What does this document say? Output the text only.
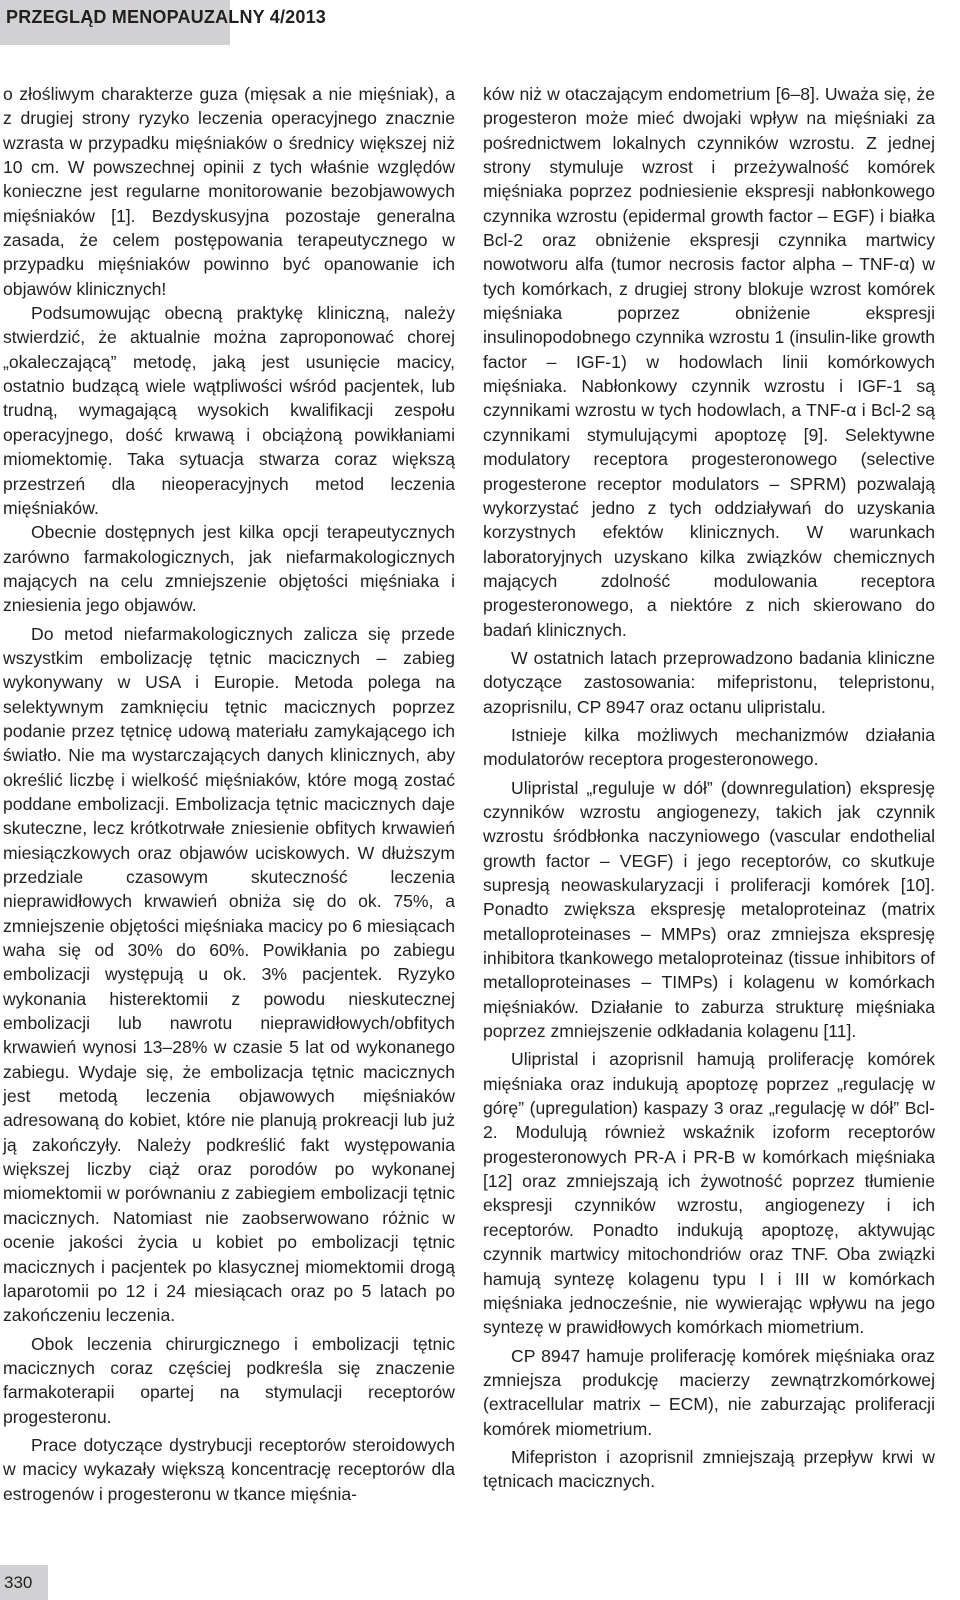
PRZEGLĄD MENOPAUZALNY 4/2013

o złośliwym charakterze guza (mięsak a nie mięśniak), a z drugiej strony ryzyko leczenia operacyjnego znacznie wzrasta w przypadku mięśniaków o średnicy większej niż 10 cm. W powszechnej opinii z tych właśnie względów konieczne jest regularne monitorowanie bezobjawowych mięśniaków [1]. Bezdyskusyjna pozostaje generalna zasada, że celem postępowania terapeutycznego w przypadku mięśniaków powinno być opanowanie ich objawów klinicznych!

Podsumowując obecną praktykę kliniczną, należy stwierdzić, że aktualnie można zaproponować chorej „okaleczającą” metodę, jaką jest usunięcie macicy, ostatnio budzącą wiele wątpliwości wśród pacjentek, lub trudną, wymagającą wysokich kwalifikacji zespołu operacyjnego, dość krwawą i obciążoną powikłaniami miomektomię. Taka sytuacja stwarza coraz większą przestrzeń dla nieoperacyjnych metod leczenia mięśniaków.

Obecnie dostępnych jest kilka opcji terapeutycznych zarówno farmakologicznych, jak niefarmakologicznych mających na celu zmniejszenie objętości mięśniaka i zniesienia jego objawów.

Do metod niefarmakologicznych zalicza się przede wszystkim embolizację tętnic macicznych – zabieg wykonywany w USA i Europie. Metoda polega na selektywnym zamknięciu tętnic macicznych poprzez podanie przez tętnicę udową materiału zamykającego ich światło. Nie ma wystarczających danych klinicznych, aby określić liczbę i wielkość mięśniaków, które mogą zostać poddane embolizacji. Embolizacja tętnic macicznych daje skuteczne, lecz krótkotrwałe zniesienie obfitych krwawień miesiączkowych oraz objawów uciskowych. W dłuższym przedziale czasowym skuteczność leczenia nieprawidłowych krwawień obniża się do ok. 75%, a zmniejszenie objętości mięśniaka macicy po 6 miesiącach waha się od 30% do 60%. Powikłania po zabiegu embolizacji występują u ok. 3% pacjentek. Ryzyko wykonania histerektomii z powodu nieskutecznej embolizacji lub nawrotu nieprawidłowych/obfitych krwawień wynosi 13–28% w czasie 5 lat od wykonanego zabiegu. Wydaje się, że embolizacja tętnic macicznych jest metodą leczenia objawowych mięśniaków adresowaną do kobiet, które nie planują prokreacji lub już ją zakończyły. Należy podkreślić fakt występowania większej liczby ciąż oraz porodów po wykonanej miomektomii w porównaniu z zabiegiem embolizacji tętnic macicznych. Natomiast nie zaobserwowano różnic w ocenie jakości życia u kobiet po embolizacji tętnic macicznych i pacjentek po klasycznej miomektomii drogą laparotomii po 12 i 24 miesiącach oraz po 5 latach po zakończeniu leczenia.

Obok leczenia chirurgicznego i embolizacji tętnic macicznych coraz częściej podkreśla się znaczenie farmakoterapii opartej na stymulacji receptorów progesteronu.

Prace dotyczące dystrybucji receptorów steroidowych w macicy wykazały większą koncentrację receptorów dla estrogenów i progesteronu w tkance mięśnia-

ków niż w otaczającym endometrium [6–8]. Uważa się, że progesteron może mieć dwojaki wpływ na mięśniaki za pośrednictwem lokalnych czynników wzrostu. Z jednej strony stymuluje wzrost i przeżywalność komórek mięśniaka poprzez podniesienie ekspresji nabłonkowego czynnika wzrostu (epidermal growth factor – EGF) i białka Bcl-2 oraz obniżenie ekspresji czynnika martwicy nowotworu alfa (tumor necrosis factor alpha – TNF-α) w tych komórkach, z drugiej strony blokuje wzrost komórek mięśniaka poprzez obniżenie ekspresji insulinopodobnego czynnika wzrostu 1 (insulin-like growth factor – IGF-1) w hodowlach linii komórkowych mięśniaka. Nabłonkowy czynnik wzrostu i IGF-1 są czynnikami wzrostu w tych hodowlach, a TNF-α i Bcl-2 są czynnikami stymulującymi apoptozę [9]. Selektywne modulatory receptora progesteronowego (selective progesterone receptor modulators – SPRM) pozwalają wykorzystać jedno z tych oddziaływań do uzyskania korzystnych efektów klinicznych. W warunkach laboratoryjnych uzyskano kilka związków chemicznych mających zdolność modulowania receptora progesteronowego, a niektóre z nich skierowano do badań klinicznych.

W ostatnich latach przeprowadzono badania kliniczne dotyczące zastosowania: mifepristonu, telepristonu, azoprisnilu, CP 8947 oraz octanu ulipristalu.

Istnieje kilka możliwych mechanizmów działania modulatorów receptora progesteronowego.

Ulipristal „reguluje w dół” (downregulation) ekspresję czynników wzrostu angiogenezy, takich jak czynnik wzrostu śródbłonka naczyniowego (vascular endothelial growth factor – VEGF) i jego receptorów, co skutkuje supresją neowaskularyzacji i proliferacji komórek [10]. Ponadto zwiększa ekspresję metaloproteinaz (matrix metalloproteinases – MMPs) oraz zmniejsza ekspresję inhibitora tkankowego metaloproteinaz (tissue inhibitors of metalloproteinases – TIMPs) i kolagenu w komórkach mięśniaków. Działanie to zaburza strukturę mięśniaka poprzez zmniejszenie odkładania kolagenu [11].

Ulipristal i azoprisnil hamują proliferację komórek mięśniaka oraz indukują apoptozę poprzez „regulację w górę” (upregulation) kaspazy 3 oraz „regulację w dół” Bcl-2. Modulują również wskaźnik izoform receptorów progesteronowych PR-A i PR-B w komórkach mięśniaka [12] oraz zmniejszają ich żywotność poprzez tłumienie ekspresji czynników wzrostu, angiogenezy i ich receptorów. Ponadto indukują apoptozę, aktywując czynnik martwicy mitochondriów oraz TNF. Oba związki hamują syntezę kolagenu typu I i III w komórkach mięśniaka jednocześnie, nie wywierając wpływu na jego syntezę w prawidłowych komórkach miometrium.

CP 8947 hamuje proliferację komórek mięśniaka oraz zmniejsza produkcję macierzy zewnątrzkomórkowej (extracellular matrix – ECM), nie zaburzając proliferacji komórek miometrium.

Mifepriston i azoprisnil zmniejszają przepływ krwi w tętnicach macicznych.

330
